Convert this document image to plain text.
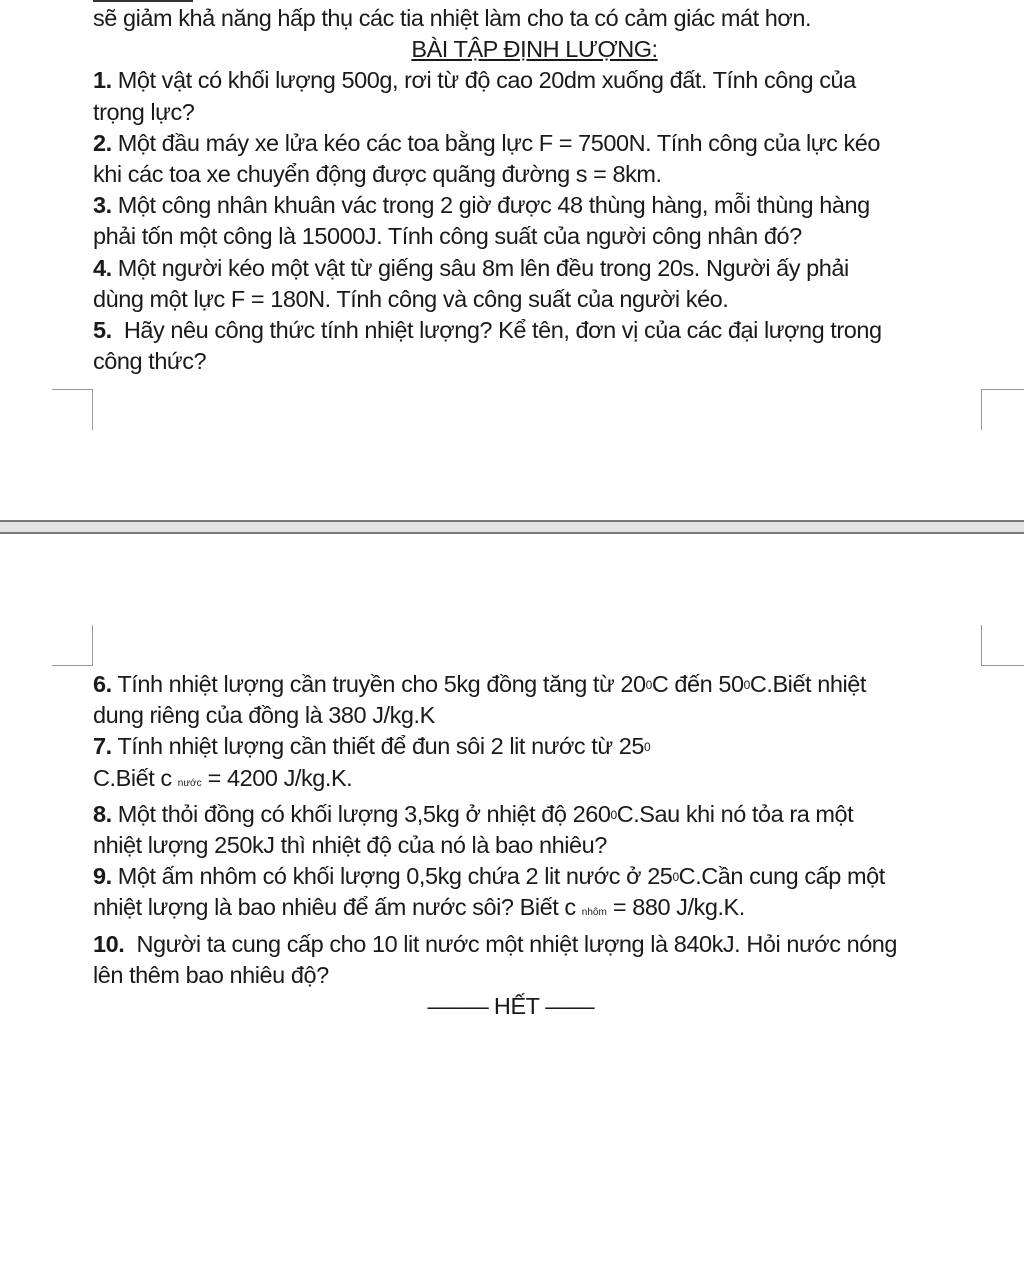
sẽ giảm khả năng hấp thụ các tia nhiệt làm cho ta có cảm giác mát hơn.
BÀI TẬP ĐỊNH LƯỢNG:
1. Một vật có khối lượng 500g, rơi từ độ cao 20dm xuống đất. Tính công của
trọng lực?
2. Một đầu máy xe lửa kéo các toa bằng lực F = 7500N. Tính công của lực kéo
khi các toa xe chuyển động được quãng đường s = 8km.
3. Một công nhân khuân vác trong 2 giờ được 48 thùng hàng, mỗi thùng hàng
phải tốn một công là 15000J. Tính công suất của người công nhân đó?
4. Một người kéo một vật từ giếng sâu 8m lên đều trong 20s. Người ấy phải
dùng một lực F = 180N. Tính công và công suất của người kéo.
5.  Hãy nêu công thức tính nhiệt lượng? Kể tên, đơn vị của các đại lượng trong
công thức?
6. Tính nhiệt lượng cần truyền cho 5kg đồng tăng từ $20^0C$ đến $50^0C.Biết$ nhiệt
dung riêng của đồng là 380 J/kg.K
7. Tính nhiệt lượng cần thiết để đun sôi 2 lit nước từ $25^0$
C.Biết c nước = 4200 J/kg.K.
8. Một thỏi đồng có khối lượng 3,5kg ở nhiệt độ $260^0C.Sau$ khi nó tỏa ra một
nhiệt lượng 250kJ thì nhiệt độ của nó là bao nhiêu?
9. Một ấm nhôm có khối lượng 0,5kg chứa 2 lit nước ở $25^0C.Cần$ cung cấp một
nhiệt lượng là bao nhiêu để ấm nước sôi? Biết c nhôm = 880 J/kg.K.
10.  Người ta cung cấp cho 10 lit nước một nhiệt lượng là 840kJ. Hỏi nước nóng
lên thêm bao nhiêu độ?
––––– HẾT ––––
